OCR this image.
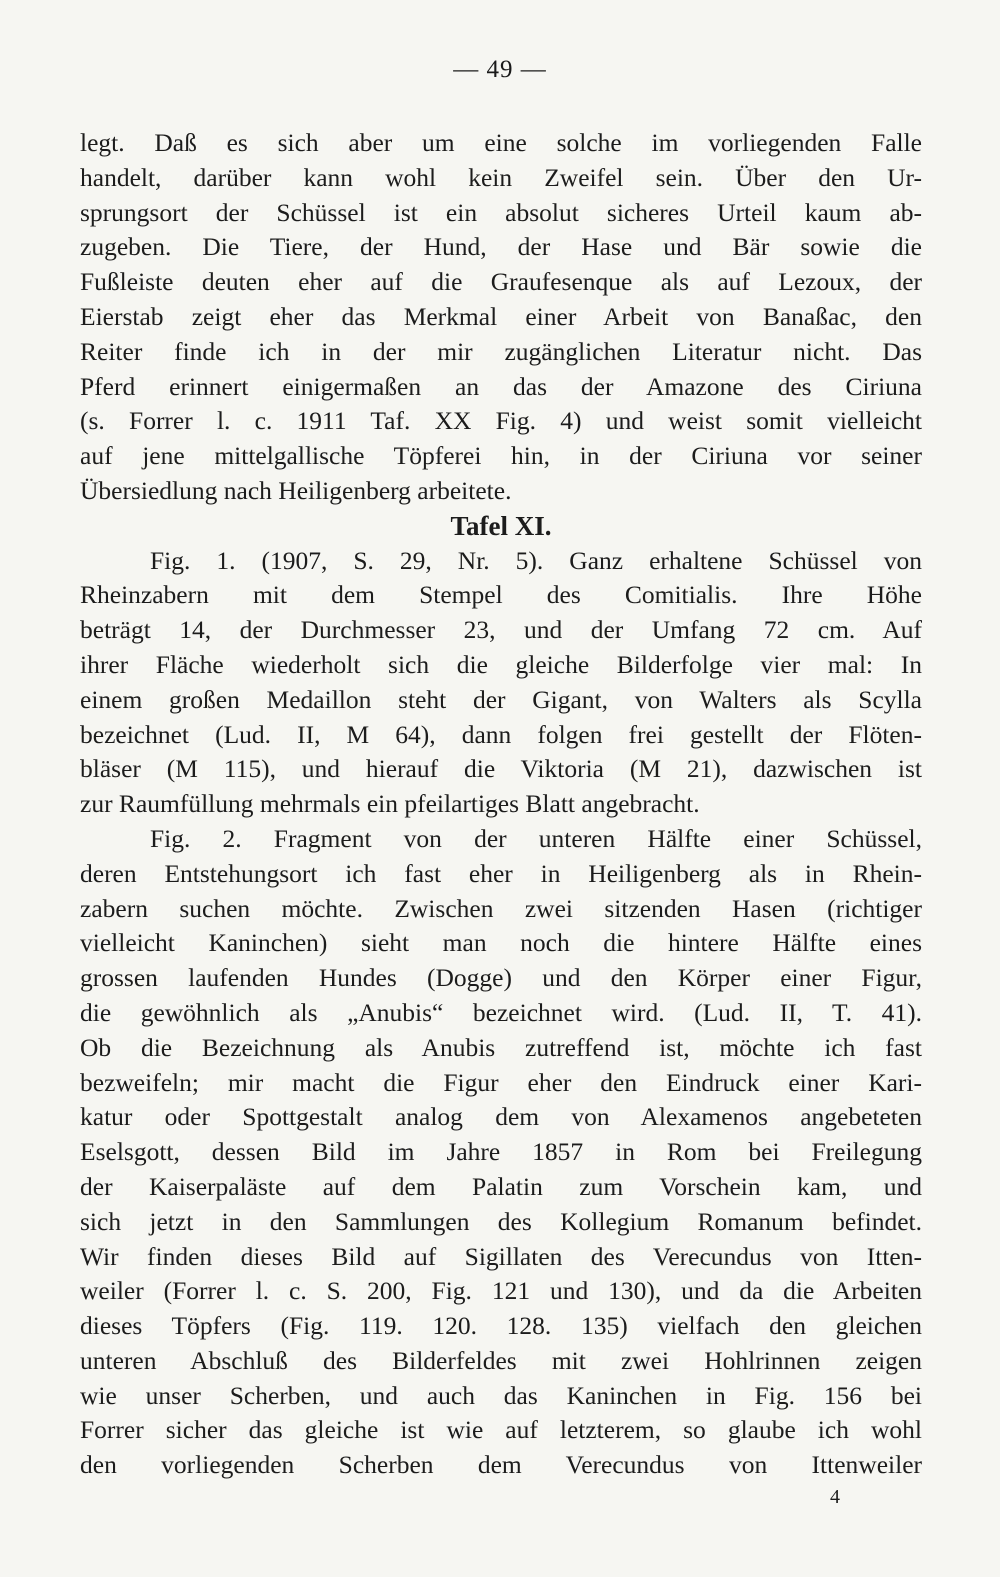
— 49 —
legt. Daß es sich aber um eine solche im vorliegenden Falle
handelt, darüber kann wohl kein Zweifel sein. Über den Ur-
sprungsort der Schüssel ist ein absolut sicheres Urteil kaum ab-
zugeben. Die Tiere, der Hund, der Hase und Bär sowie die
Fußleiste deuten eher auf die Graufesenque als auf Lezoux, der
Eierstab zeigt eher das Merkmal einer Arbeit von Banaßac, den
Reiter finde ich in der mir zugänglichen Literatur nicht. Das
Pferd erinnert einigermaßen an das der Amazone des Ciriuna
(s. Forrer l. c. 1911 Taf. XX Fig. 4) und weist somit vielleicht
auf jene mittelgallische Töpferei hin, in der Ciriuna vor seiner
Übersiedlung nach Heiligenberg arbeitete.
Tafel XI.
Fig. 1. (1907, S. 29, Nr. 5). Ganz erhaltene Schüssel von
Rheinzabern mit dem Stempel des Comitialis. Ihre Höhe
beträgt 14, der Durchmesser 23, und der Umfang 72 cm. Auf
ihrer Fläche wiederholt sich die gleiche Bilderfolge vier mal: In
einem großen Medaillon steht der Gigant, von Walters als Scylla
bezeichnet (Lud. II, M 64), dann folgen frei gestellt der Flöten-
bläser (M 115), und hierauf die Viktoria (M 21), dazwischen ist
zur Raumfüllung mehrmals ein pfeilartiges Blatt angebracht.
Fig. 2. Fragment von der unteren Hälfte einer Schüssel,
deren Entstehungsort ich fast eher in Heiligenberg als in Rhein-
zabern suchen möchte. Zwischen zwei sitzenden Hasen (richtiger
vielleicht Kaninchen) sieht man noch die hintere Hälfte eines
grossen laufenden Hundes (Dogge) und den Körper einer Figur,
die gewöhnlich als „Anubis“ bezeichnet wird. (Lud. II, T. 41).
Ob die Bezeichnung als Anubis zutreffend ist, möchte ich fast
bezweifeln; mir macht die Figur eher den Eindruck einer Kari-
katur oder Spottgestalt analog dem von Alexamenos angebeteten
Eselsgott, dessen Bild im Jahre 1857 in Rom bei Freilegung
der Kaiserpaläste auf dem Palatin zum Vorschein kam, und
sich jetzt in den Sammlungen des Kollegium Romanum befindet.
Wir finden dieses Bild auf Sigillaten des Verecundus von Itten-
weiler (Forrer l. c. S. 200, Fig. 121 und 130), und da die Arbeiten
dieses Töpfers (Fig. 119. 120. 128. 135) vielfach den gleichen
unteren Abschluß des Bilderfeldes mit zwei Hohlrinnen zeigen
wie unser Scherben, und auch das Kaninchen in Fig. 156 bei
Forrer sicher das gleiche ist wie auf letzterem, so glaube ich wohl
den vorliegenden Scherben dem Verecundus von Ittenweiler
4
